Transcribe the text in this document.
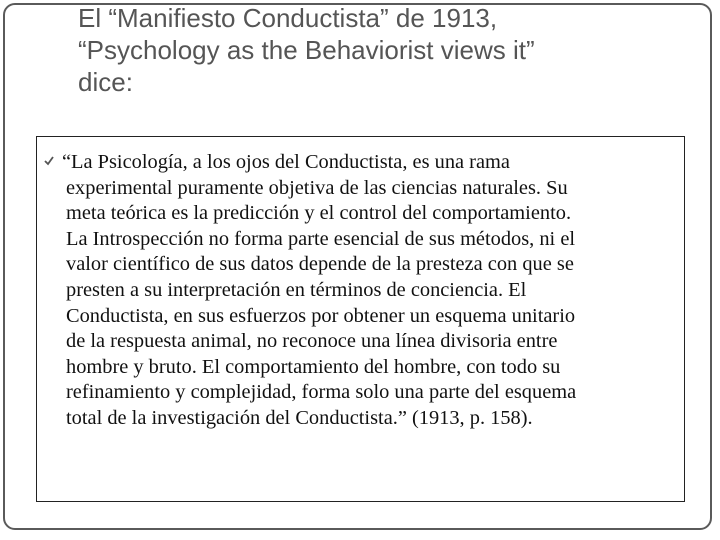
El “Manifiesto Conductista” de 1913,
“Psychology as the Behaviorist views it”
dice:
“La Psicología, a los ojos del Conductista, es una rama
experimental puramente objetiva de las ciencias naturales. Su
meta teórica es la predicción y el control del comportamiento.
La Introspección no forma parte esencial de sus métodos, ni el
valor científico de sus datos depende de la presteza con que se
presten a su interpretación en términos de conciencia. El
Conductista, en sus esfuerzos por obtener un esquema unitario
de la respuesta animal, no reconoce una línea divisoria entre
hombre y bruto. El comportamiento del hombre, con todo su
refinamiento y complejidad, forma solo una parte del esquema
total de la investigación del Conductista.” (1913, p. 158).
